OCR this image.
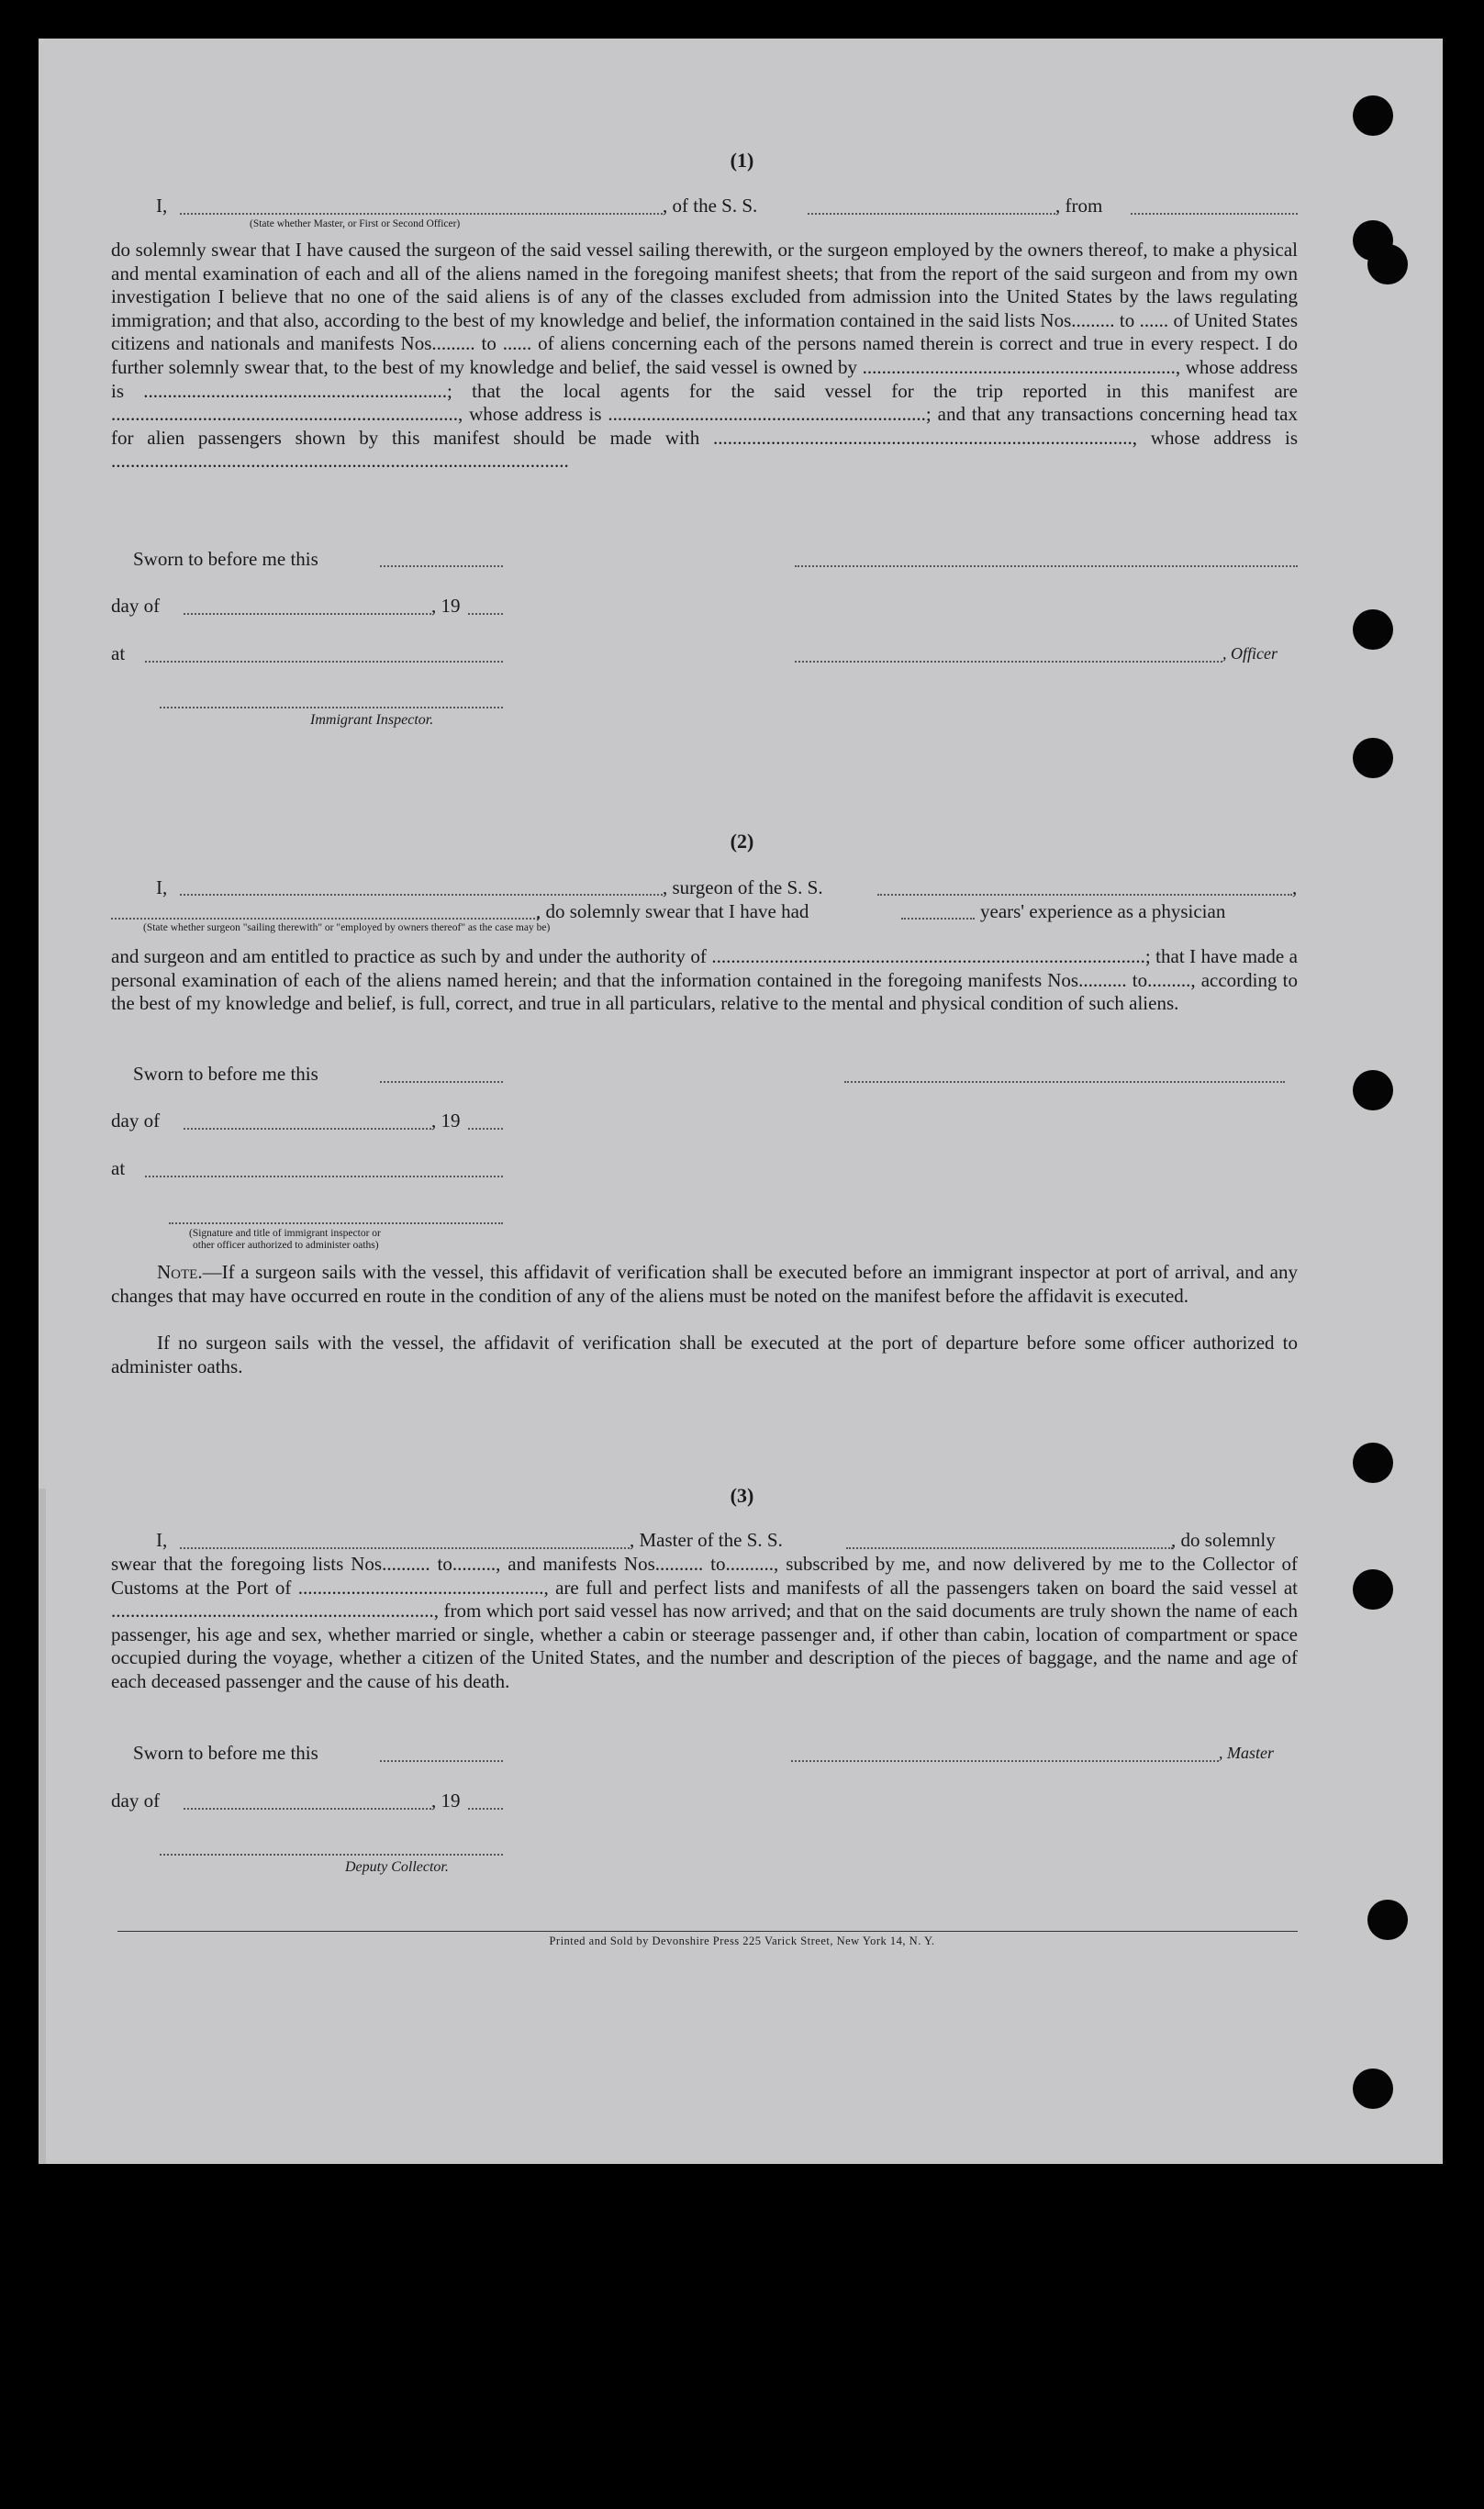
(1)
I,	, of the S. S.	, from
(State whether Master, or First or Second Officer)
do solemnly swear that I have caused the surgeon of the said vessel sailing therewith, or the surgeon employed by the owners thereof, to make a physical and mental examination of each and all of the aliens named in the foregoing manifest sheets; that from the report of the said surgeon and from my own investigation I believe that no one of the said aliens is of any of the classes excluded from admission into the United States by the laws regulating immigration; and that also, according to the best of my knowledge and belief, the information contained in the said lists Nos......... to ...... of United States citizens and nationals and manifests Nos......... to ...... of aliens concerning each of the persons named therein is correct and true in every respect. I do further solemnly swear that, to the best of my knowledge and belief, the said vessel is owned by ................................................................., whose address is ...............................................................; that the local agents for the said vessel for the trip reported in this manifest are ........................................................................, whose address is ..................................................................; and that any transactions concerning head tax for alien passengers shown by this manifest should be made with ......................................................................................., whose address is ...............................................................................................
Sworn to before me this
day of	, 19
at	, Officer
Immigrant Inspector.
(2)
I,	, surgeon of the S. S.	,
, do solemnly swear that I have had	years' experience as a physician
(State whether surgeon "sailing therewith" or "employed by owners thereof" as the case may be)
and surgeon and am entitled to practice as such by and under the authority of ..........................................................................................; that I have made a personal examination of each of the aliens named herein; and that the information contained in the foregoing manifests Nos.......... to........., according to the best of my knowledge and belief, is full, correct, and true in all particulars, relative to the mental and physical condition of such aliens.
Sworn to before me this
day of	, 19
at
(Signature and title of immigrant inspector or
other officer authorized to administer oaths)
Note.—If a surgeon sails with the vessel, this affidavit of verification shall be executed before an immigrant inspector at port of arrival, and any changes that may have occurred en route in the condition of any of the aliens must be noted on the manifest before the affidavit is executed.
If no surgeon sails with the vessel, the affidavit of verification shall be executed at the port of departure before some officer authorized to administer oaths.
(3)
I,	, Master of the S. S.	, do solemnly
swear that the foregoing lists Nos.......... to........., and manifests Nos.......... to.........., subscribed by me, and now delivered by me to the Collector of Customs at the Port of ..................................................., are full and perfect lists and manifests of all the passengers taken on board the said vessel at ..................................................................., from which port said vessel has now arrived; and that on the said documents are truly shown the name of each passenger, his age and sex, whether married or single, whether a cabin or steerage passenger and, if other than cabin, location of compartment or space occupied during the voyage, whether a citizen of the United States, and the number and description of the pieces of baggage, and the name and age of each deceased passenger and the cause of his death.
Sworn to before me this	, Master
day of	, 19
Deputy Collector.
Printed and Sold by Devonshire Press 225 Varick Street, New York 14, N. Y.
